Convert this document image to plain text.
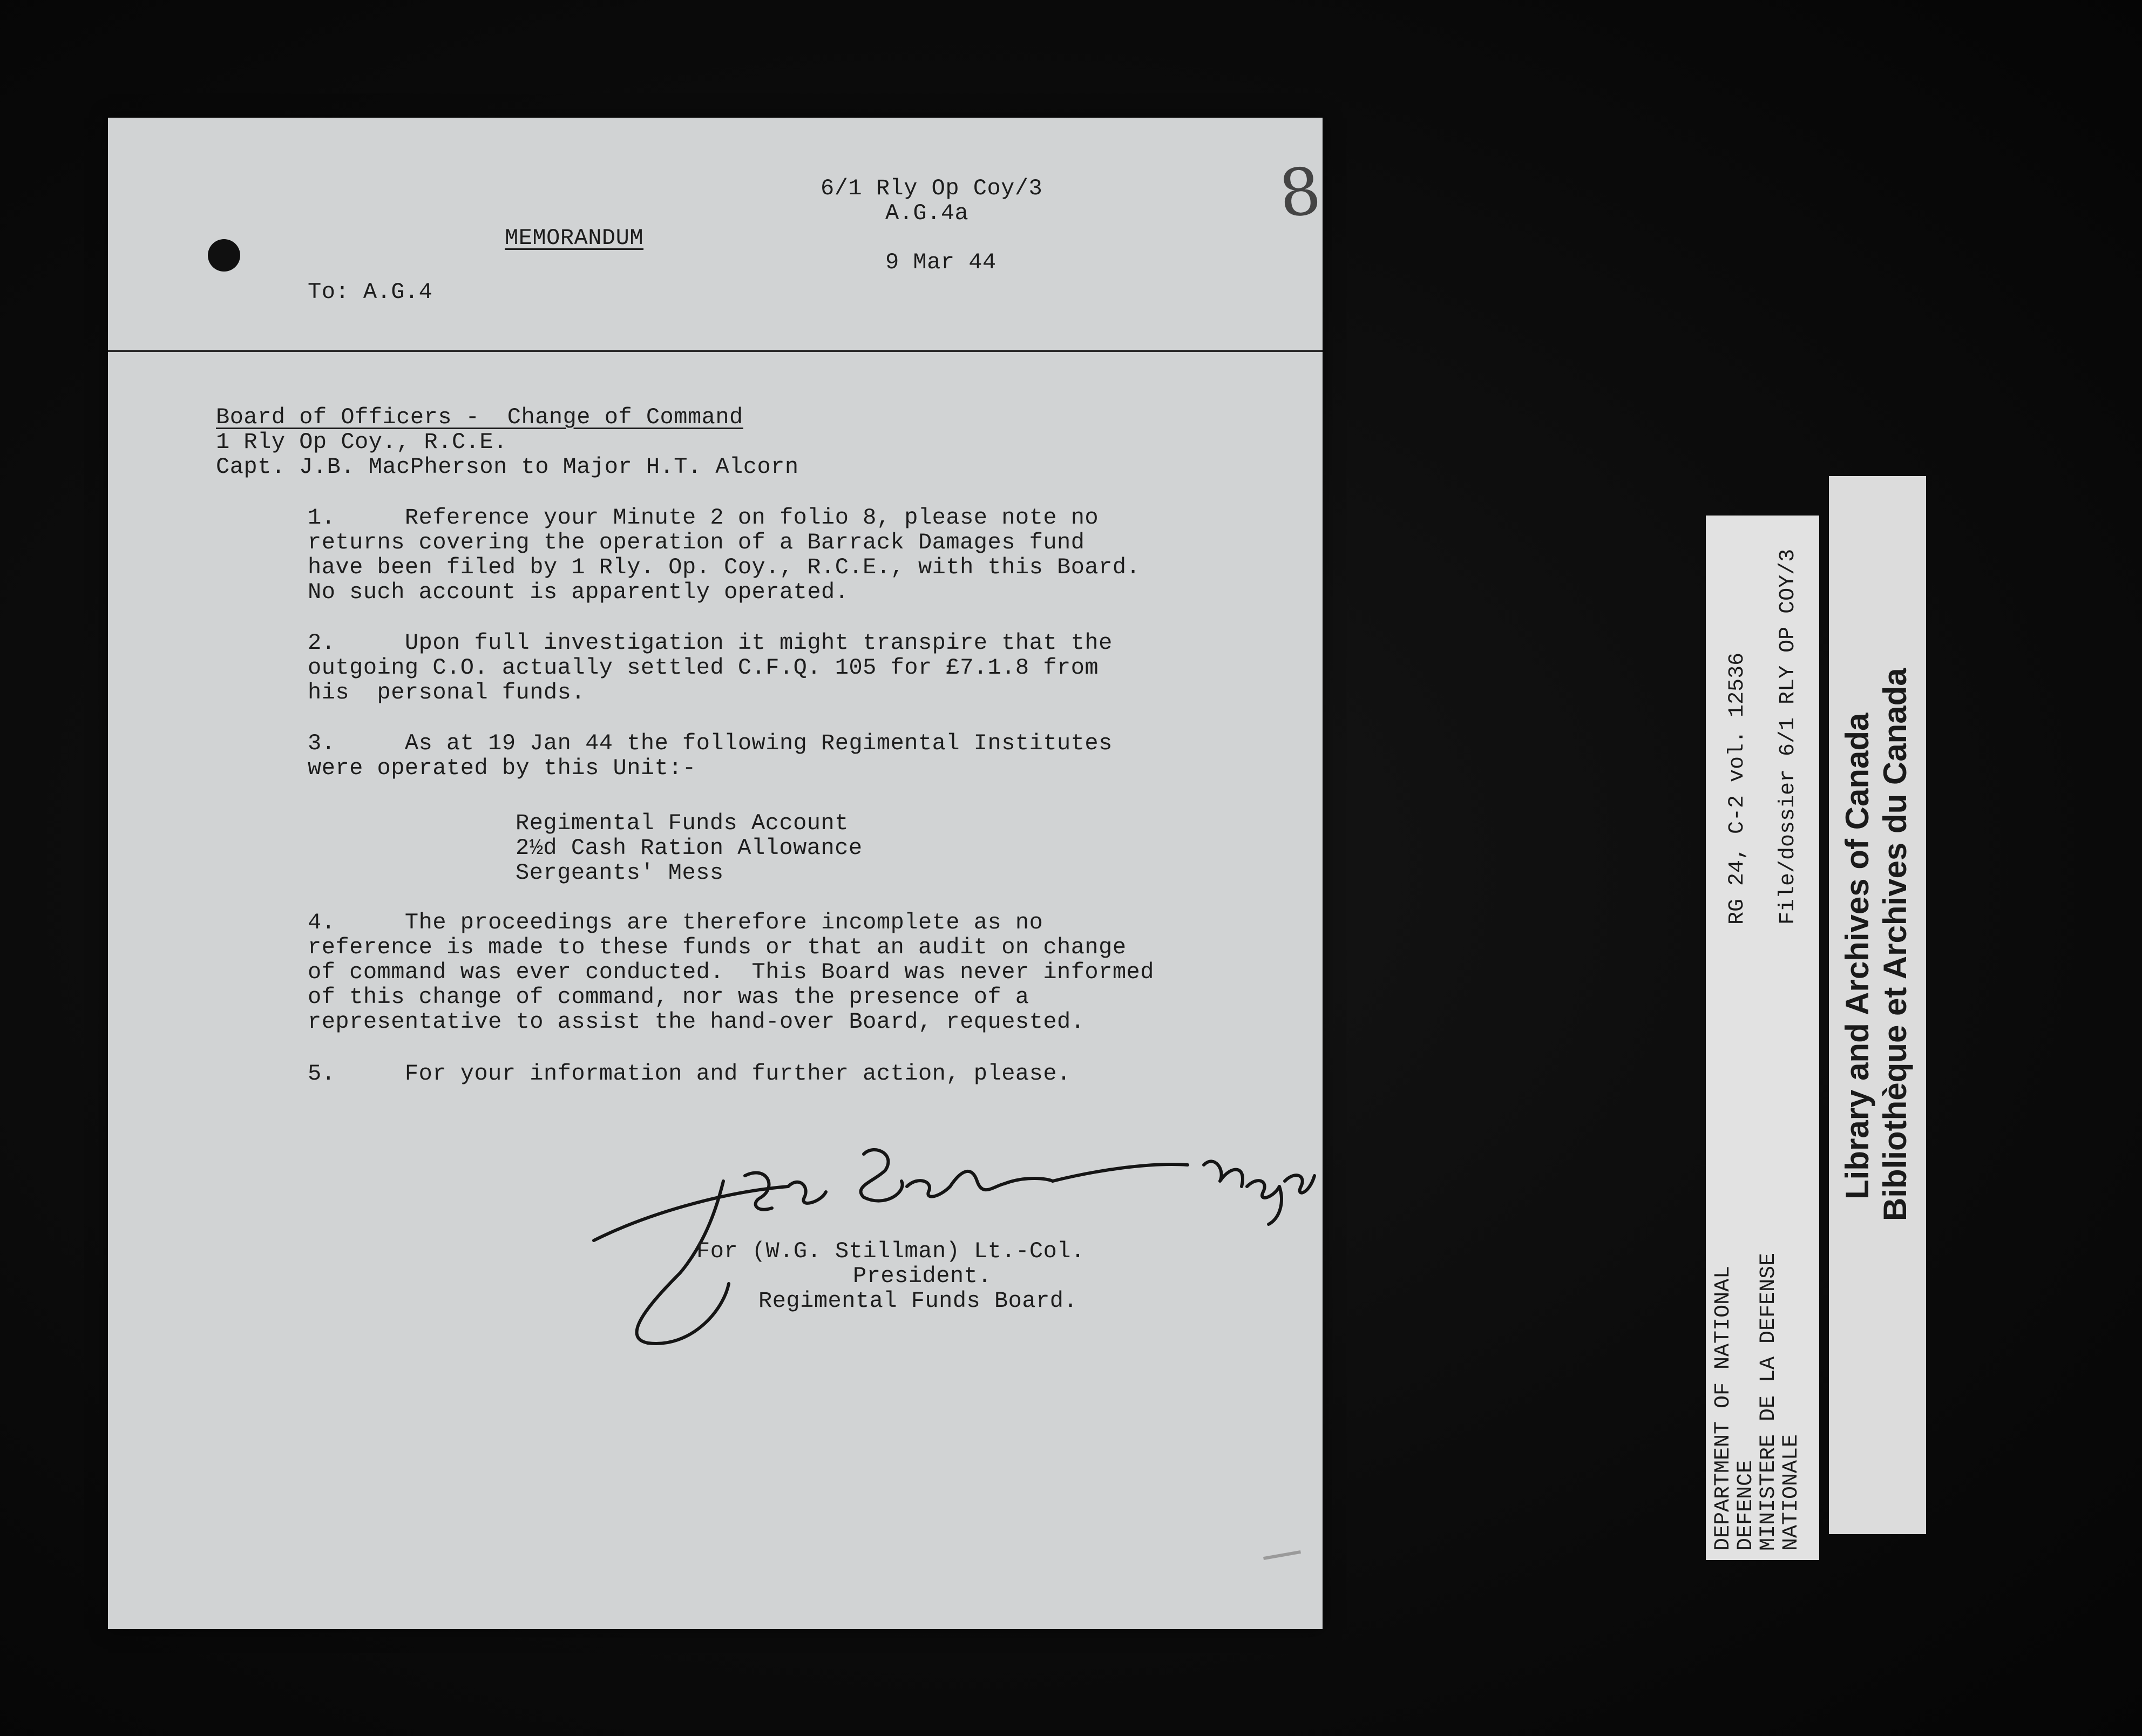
6/1 Rly Op Coy/3
A.G.4a	8
MEMORANDUM
9 Mar 44
To: A.G.4
Board of Officers -  Change of Command
1 Rly Op Coy., R.C.E.
Capt. J.B. MacPherson to Major H.T. Alcorn
1.     Reference your Minute 2 on folio 8, please note no
returns covering the operation of a Barrack Damages fund
have been filed by 1 Rly. Op. Coy., R.C.E., with this Board.
No such account is apparently operated.
2.     Upon full investigation it might transpire that the
outgoing C.O. actually settled C.F.Q. 105 for £7.1.8 from
his  personal funds.
3.     As at 19 Jan 44 the following Regimental Institutes
were operated by this Unit:-
Regimental Funds Account
2½d Cash Ration Allowance
Sergeants' Mess
4.     The proceedings are therefore incomplete as no
reference is made to these funds or that an audit on change
of command was ever conducted.  This Board was never informed
of this change of command, nor was the presence of a
representative to assist the hand-over Board, requested.
5.     For your information and further action, please.
For (W.G. Stillman) Lt.-Col.
President.
Regimental Funds Board.	DEPARTMENT OF NATIONAL
DEFENCE
MINISTERE DE LA DEFENSE
NATIONALE
RG 24, C-2 vol. 12536 File/dossier 6/1 RLY OP COY/3 Library and Archives of Canada Bibliothèque et Archives du Canada
